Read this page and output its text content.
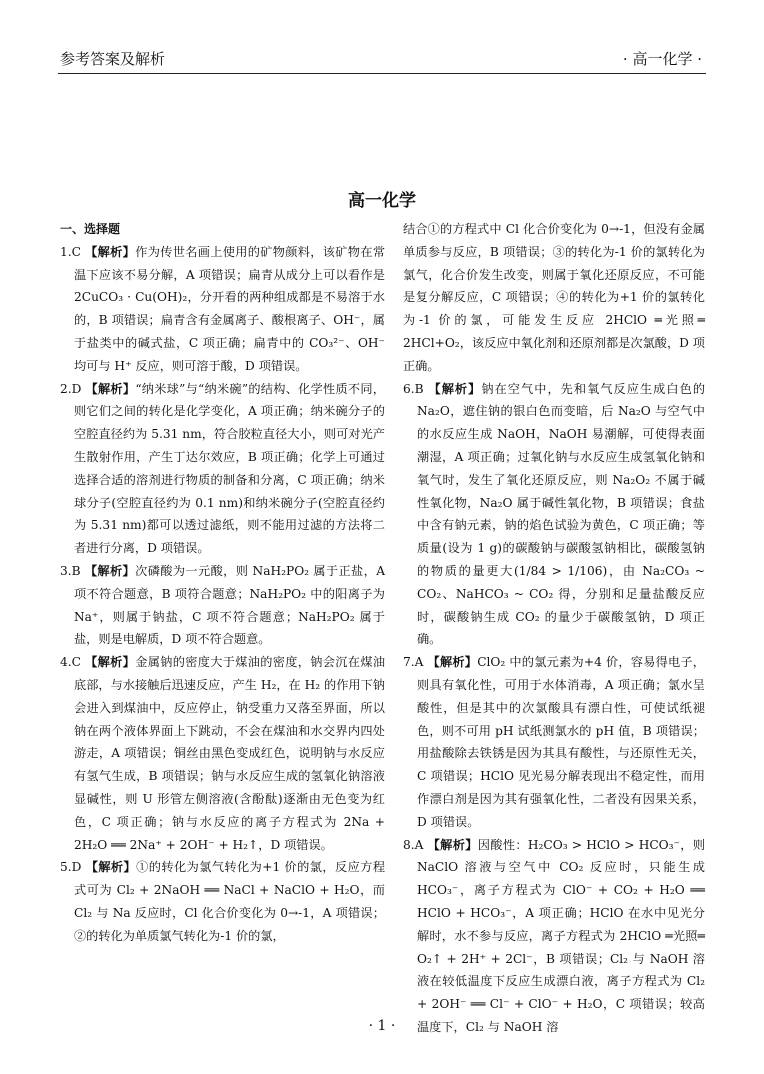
参考答案及解析	· 高一化学 ·
高一化学
一、选择题
1.C 【解析】作为传世名画上使用的矿物颜料，该矿物在常温下应该不易分解，A 项错误；扁青从成分上可以看作是 2CuCO₃ · Cu(OH)₂，分开看的两种组成都是不易溶于水的，B 项错误；扁青含有金属离子、酸根离子、OH⁻，属于盐类中的碱式盐，C 项正确；扁青中的 CO₃²⁻、OH⁻ 均可与 H⁺ 反应，则可溶于酸，D 项错误。
2.D 【解析】“纳米球”与“纳米碗”的结构、化学性质不同，则它们之间的转化是化学变化，A 项正确；纳米碗分子的空腔直径约为 5.31 nm，符合胶粒直径大小，则可对光产生散射作用，产生丁达尔效应，B 项正确；化学上可通过选择合适的溶剂进行物质的制备和分离，C 项正确；纳米球分子(空腔直径约为 0.1 nm)和纳米碗分子(空腔直径约为 5.31 nm)都可以透过滤纸，则不能用过滤的方法将二者进行分离，D 项错误。
3.B 【解析】次磷酸为一元酸，则 NaH₂PO₂ 属于正盐，A 项不符合题意，B 项符合题意；NaH₂PO₂ 中的阳离子为 Na⁺，则属于钠盐，C 项不符合题意；NaH₂PO₂ 属于盐，则是电解质，D 项不符合题意。
4.C 【解析】金属钠的密度大于煤油的密度，钠会沉在煤油底部，与水接触后迅速反应，产生 H₂，在 H₂ 的作用下钠会进入到煤油中，反应停止，钠受重力又落至界面，所以钠在两个液体界面上下跳动，不会在煤油和水交界内四处游走，A 项错误；铜丝由黑色变成红色，说明钠与水反应有氢气生成，B 项错误；钠与水反应生成的氢氧化钠溶液显碱性，则 U 形管左侧溶液(含酚酞)逐渐由无色变为红色，C 项正确；钠与水反应的离子方程式为 2Na + 2H₂O ══ 2Na⁺ + 2OH⁻ + H₂↑，D 项错误。
5.D 【解析】①的转化为氯气转化为+1 价的氯，反应方程式可为 Cl₂ + 2NaOH ══ NaCl + NaClO + H₂O，而 Cl₂ 与 Na 反应时，Cl 化合价变化为 0→-1，A 项错误；②的转化为单质氯气转化为-1 价的氯，
结合①的方程式中 Cl 化合价变化为 0→-1，但没有金属单质参与反应，B 项错误；③的转化为-1 价的氯转化为氯气，化合价发生改变，则属于氧化还原反应，不可能是复分解反应，C 项错误；④的转化为+1 价的氯转化为-1 价的氯，可能发生反应 2HClO ═光照═ 2HCl+O₂，该反应中氧化剂和还原剂都是次氯酸，D 项正确。
6.B 【解析】钠在空气中，先和氧气反应生成白色的 Na₂O，遮住钠的银白色而变暗，后 Na₂O 与空气中的水反应生成 NaOH，NaOH 易潮解，可使得表面潮湿，A 项正确；过氧化钠与水反应生成氢氧化钠和氧气时，发生了氧化还原反应，则 Na₂O₂ 不属于碱性氧化物，Na₂O 属于碱性氧化物，B 项错误；食盐中含有钠元素，钠的焰色试验为黄色，C 项正确；等质量(设为 1 g)的碳酸钠与碳酸氢钠相比，碳酸氢钠的物质的量更大(1/84 > 1/106)，由 Na₂CO₃ ~ CO₂、NaHCO₃ ~ CO₂ 得，分别和足量盐酸反应时，碳酸钠生成 CO₂ 的量少于碳酸氢钠，D 项正确。
7.A 【解析】ClO₂ 中的氯元素为+4 价，容易得电子，则具有氧化性，可用于水体消毒，A 项正确；氯水呈酸性，但是其中的次氯酸具有漂白性，可使试纸褪色，则不可用 pH 试纸测氯水的 pH 值，B 项错误；用盐酸除去铁锈是因为其具有酸性，与还原性无关，C 项错误；HClO 见光易分解表现出不稳定性，而用作漂白剂是因为其有强氧化性，二者没有因果关系，D 项错误。
8.A 【解析】因酸性：H₂CO₃ > HClO > HCO₃⁻，则 NaClO 溶液与空气中 CO₂ 反应时，只能生成 HCO₃⁻，离子方程式为 ClO⁻ + CO₂ + H₂O ══ HClO + HCO₃⁻，A 项正确；HClO 在水中见光分解时，水不参与反应，离子方程式为 2HClO ═光照═ O₂↑ + 2H⁺ + 2Cl⁻，B 项错误；Cl₂ 与 NaOH 溶液在较低温度下反应生成漂白液，离子方程式为 Cl₂ + 2OH⁻ ══ Cl⁻ + ClO⁻ + H₂O，C 项错误；较高温度下，Cl₂ 与 NaOH 溶
· 1 ·
